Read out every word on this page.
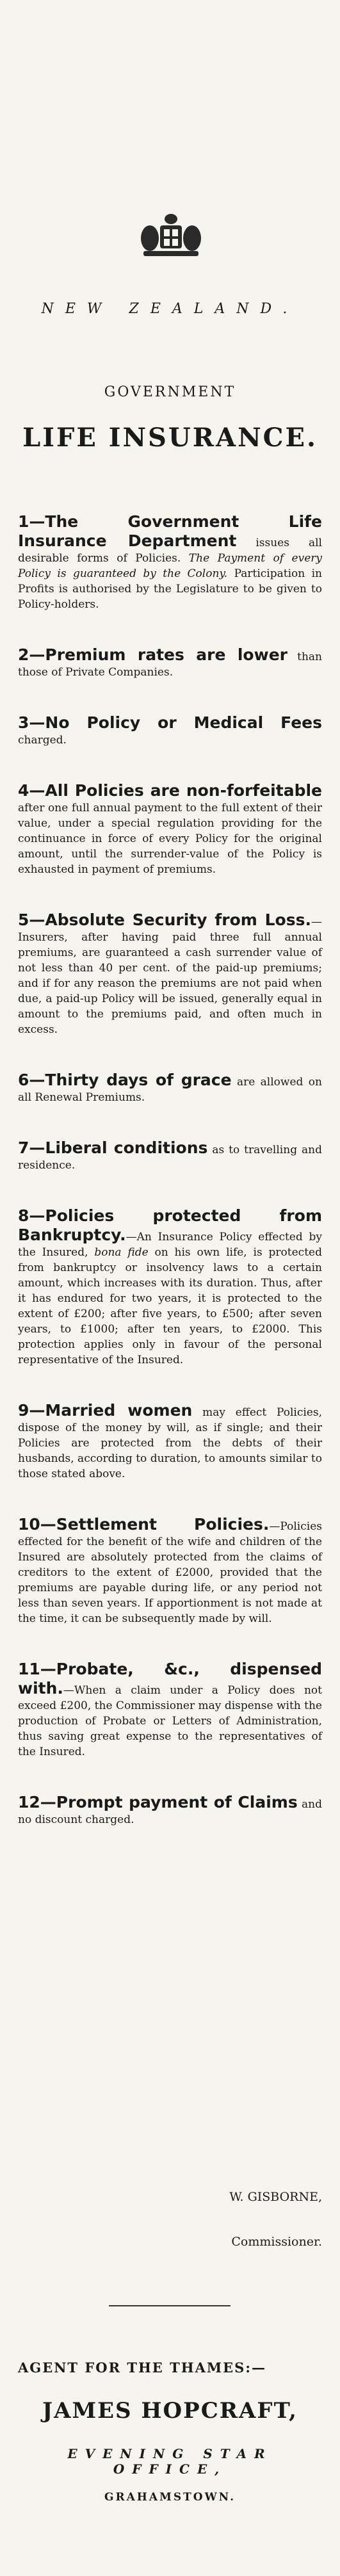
NEW ZEALAND.
GOVERNMENT
LIFE INSURANCE.

1—The Government Life Insurance Department issues all desirable forms of Policies. The Payment of every Policy is guaranteed by the Colony. Participation in Profits is authorised by the Legislature to be given to Policy-holders.

2—Premium rates are lower than those of Private Companies.

3—No Policy or Medical Fees charged.

4—All Policies are non-forfeitable after one full annual payment to the full extent of their value, under a special regulation providing for the continuance in force of every Policy for the original amount, until the surrender-value of the Policy is exhausted in payment of premiums.

5—Absolute Security from Loss.—Insurers, after having paid three full annual premiums, are guaranteed a cash surrender value of not less than 40 per cent. of the paid-up premiums; and if for any reason the premiums are not paid when due, a paid-up Policy will be issued, generally equal in amount to the premiums paid, and often much in excess.

6—Thirty days of grace are allowed on all Renewal Premiums.

7—Liberal conditions as to travelling and residence.

8—Policies protected from Bankruptcy.—An Insurance Policy effected by the Insured, bona fide on his own life, is protected from bankruptcy or insolvency laws to a certain amount, which increases with its duration. Thus, after it has endured for two years, it is protected to the extent of £200; after five years, to £500; after seven years, to £1000; after ten years, to £2000. This protection applies only in favour of the personal representative of the Insured.

9—Married women may effect Policies, dispose of the money by will, as if single; and their Policies are protected from the debts of their husbands, according to duration, to amounts similar to those stated above.

10—Settlement Policies.—Policies effected for the benefit of the wife and children of the Insured are absolutely protected from the claims of creditors to the extent of £2000, provided that the premiums are payable during life, or any period not less than seven years. If apportionment is not made at the time, it can be subsequently made by will.

11—Probate, &c., dispensed with.—When a claim under a Policy does not exceed £200, the Commissioner may dispense with the production of Probate or Letters of Administration, thus saving great expense to the representatives of the Insured.

12—Prompt payment of Claims and no discount charged.

W. GISBORNE,
Commissioner.
AGENT FOR THE THAMES:—
JAMES HOPCRAFT,
EVENING STAR OFFICE,
GRAHAMSTOWN.
